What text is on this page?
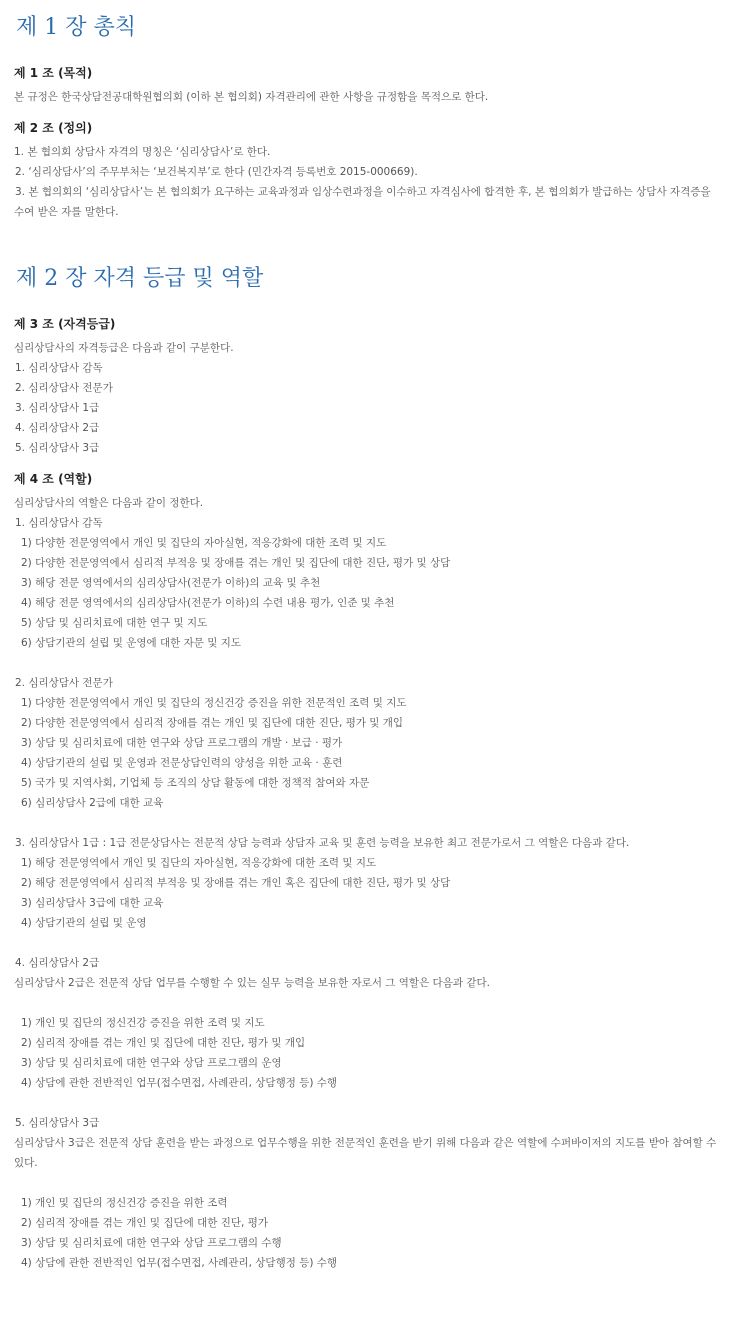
제 1 장 총칙
제 1 조 (목적)

본 규정은 한국상담전공대학원협의회 (이하 본 협의회) 자격관리에 관한 사항을 규정함을 목적으로 한다.

제 2 조 (정의)

1. 본 협의회 상담사 자격의 명칭은 ‘심리상담사’로 한다.

2. ‘심리상담사’의 주무부처는 ‘보건복지부’로 한다 (민간자격 등록번호 2015-000669).

3. 본 협의회의 ‘심리상담사’는 본 협의회가 요구하는 교육과정과 임상수련과정을 이수하고 자격심사에 합격한 후, 본 협의회가 발급하는 상담사 자격증을

수여 받은 자를 말한다.

제 2 장 자격 등급 및 역할
제 3 조 (자격등급)

심리상담사의 자격등급은 다음과 같이 구분한다.

1. 심리상담사 감독

2. 심리상담사 전문가

3. 심리상담사 1급

4. 심리상담사 2급

5. 심리상담사 3급

제 4 조 (역할)

심리상담사의 역할은 다음과 같이 정한다.

1. 심리상담사 감독

1) 다양한 전문영역에서 개인 및 집단의 자아실현, 적응강화에 대한 조력 및 지도

2) 다양한 전문영역에서 심리적 부적응 및 장애를 겪는 개인 및 집단에 대한 진단, 평가 및 상담

3) 해당 전문 영역에서의 심리상담사(전문가 이하)의 교육 및 추천

4) 해당 전문 영역에서의 심리상담사(전문가 이하)의 수련 내용 평가, 인준 및 추천

5) 상담 및 심리치료에 대한 연구 및 지도

6) 상담기관의 설립 및 운영에 대한 자문 및 지도

2. 심리상담사 전문가

1) 다양한 전문영역에서 개인 및 집단의 정신건강 증진을 위한 전문적인 조력 및 지도

2) 다양한 전문영역에서 심리적 장애를 겪는 개인 및 집단에 대한 진단, 평가 및 개입

3) 상담 및 심리치료에 대한 연구와 상담 프로그램의 개발 · 보급 · 평가

4) 상담기관의 설립 및 운영과 전문상담인력의 양성을 위한 교육 · 훈련

5) 국가 및 지역사회, 기업체 등 조직의 상담 활동에 대한 정책적 참여와 자문

6) 심리상담사 2급에 대한 교육

3. 심리상담사 1급 : 1급 전문상담사는 전문적 상담 능력과 상담자 교육 및 훈련 능력을 보유한 최고 전문가로서 그 역할은 다음과 같다.

1) 해당 전문영역에서 개인 및 집단의 자아실현, 적응강화에 대한 조력 및 지도

2) 해당 전문영역에서 심리적 부적응 및 장애를 겪는 개인 혹은 집단에 대한 진단, 평가 및 상담

3) 심리상담사 3급에 대한 교육

4) 상담기관의 설립 및 운영

4. 심리상담사 2급

심리상담사 2급은 전문적 상담 업무를 수행할 수 있는 실무 능력을 보유한 자로서 그 역할은 다음과 같다.

1) 개인 및 집단의 정신건강 증진을 위한 조력 및 지도

2) 심리적 장애를 겪는 개인 및 집단에 대한 진단, 평가 및 개입

3) 상담 및 심리치료에 대한 연구와 상담 프로그램의 운영

4) 상담에 관한 전반적인 업무(접수면접, 사례관리, 상담행정 등) 수행

5. 심리상담사 3급

심리상담사 3급은 전문적 상담 훈련을 받는 과정으로 업무수행을 위한 전문적인 훈련을 받기 위해 다음과 같은 역할에 수퍼바이저의 지도를 받아 참여할 수

있다.

1) 개인 및 집단의 정신건강 증진을 위한 조력

2) 심리적 장애를 겪는 개인 및 집단에 대한 진단, 평가

3) 상담 및 심리치료에 대한 연구와 상담 프로그램의 수행

4) 상담에 관한 전반적인 업무(접수면접, 사례관리, 상담행정 등) 수행
